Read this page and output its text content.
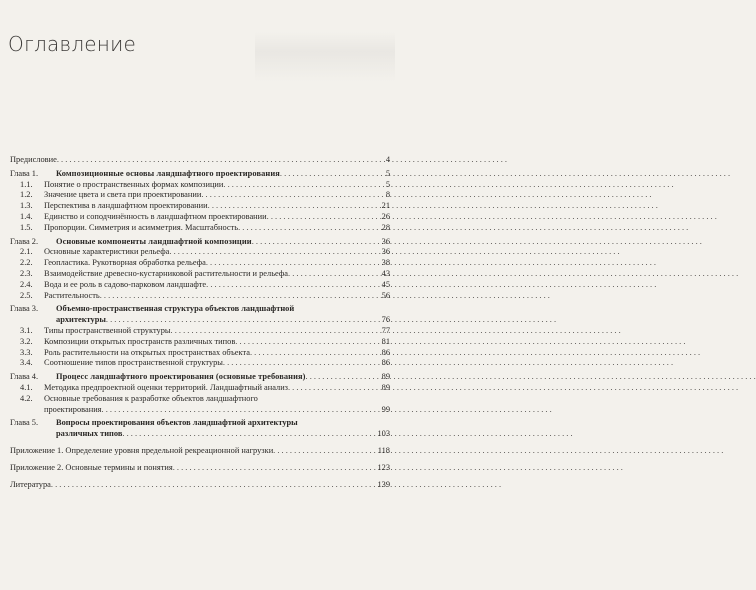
Оглавление
Предисловие . . .	4
Глава 1.	Композиционные основы ландшафтного проектирования . . .	5
1.1.	Понятие о пространственных формах композиции . . .	5
1.2.	Значение цвета и света при проектировании . . .	8
1.3.	Перспектива в ландшафтном проектировании . . .	21
1.4.	Единство и соподчинённость в ландшафтном проектировании . . .	26
1.5.	Пропорции. Симметрия и асимметрия. Масштабность . . .	28
Глава 2.	Основные компоненты ландшафтной композиции . . .	36
2.1.	Основные характеристики рельефа . . .	36
2.2.	Геопластика. Рукотворная обработка рельефа . . .	38
2.3.	Взаимодействие древесно-кустарниковой растительности и рельефа . . .	43
2.4.	Вода и ее роль в садово-парковом ландшафте . . .	45
2.5.	Растительность . . .	56
Глава 3.	Объемно-пространственная структура объектов ландшафтной
архитектуры . . .	76
3.1.	Типы пространственной структуры . . .	77
3.2.	Композиции открытых пространств различных типов . . .	81
3.3.	Роль растительности на открытых пространствах объекта . . .	86
3.4.	Соотношение типов пространственной структуры . . .	86
Глава 4.	Процесс ландшафтного проектирования (основные требования) . . .	89
4.1.	Методика предпроектной оценки территорий. Ландшафтный анализ . . .	89
4.2.	Основные требования к разработке объектов ландшафтного
проектирования . . .	99
Глава 5.	Вопросы проектирования объектов ландшафтной архитектуры
различных типов . . .	103
Приложение 1. Определение уровня предельной рекреационной нагрузки . . .	118
Приложение 2. Основные термины и понятия . . .	123
Литература . . .	139
